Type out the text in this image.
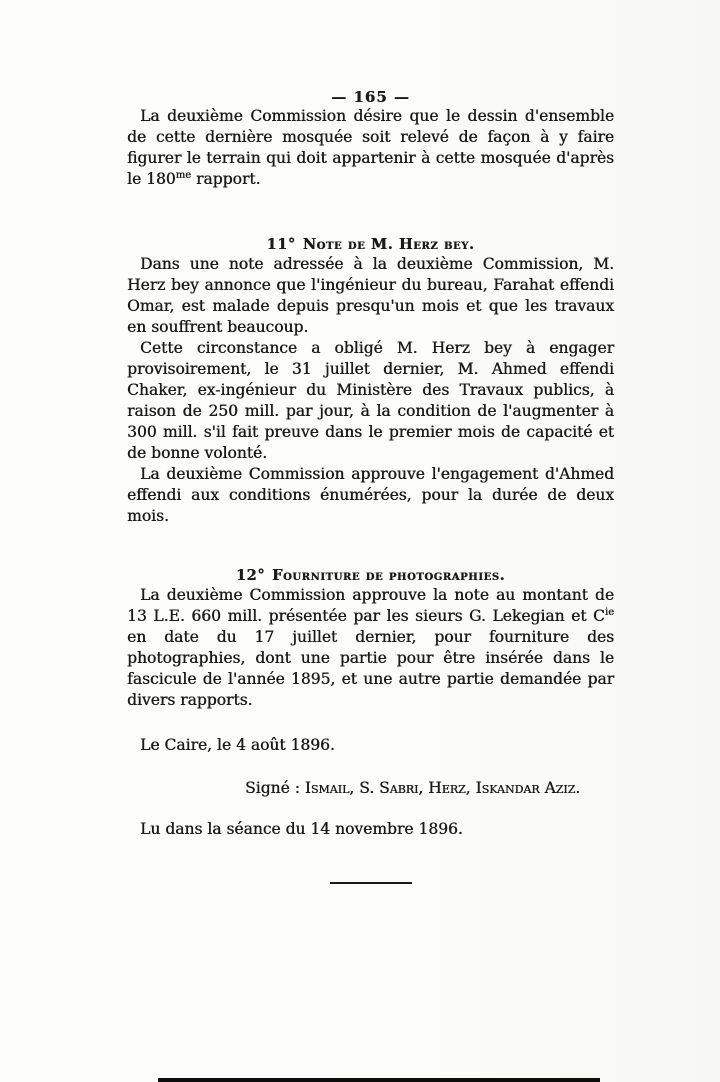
— 165 —

La deuxième Commission désire que le dessin d'ensemble de cette dernière mosquée soit relevé de façon à y faire figurer le terrain qui doit appartenir à cette mosquée d'après le $180^{me}$ rapport.

11° Note de M. Herz bey.

Dans une note adressée à la deuxième Commission, M. Herz bey annonce que l'ingénieur du bureau, Farahat effendi Omar, est malade depuis presqu'un mois et que les travaux en souffrent beaucoup.

Cette circonstance a obligé M. Herz bey à engager provisoirement, le 31 juillet dernier, M. Ahmed effendi Chaker, ex-ingénieur du Ministère des Travaux publics, à raison de 250 mill. par jour, à la condition de l'augmenter à 300 mill. s'il fait preuve dans le premier mois de capacité et de bonne volonté.

La deuxième Commission approuve l'engagement d'Ahmed effendi aux conditions énumérées, pour la durée de deux mois.

12° Fourniture de photographies.

La deuxième Commission approuve la note au montant de 13 L.E. 660 mill. présentée par les sieurs G. Lekegian et $C^{ie}$ en date du 17 juillet dernier, pour fourniture des photographies, dont une partie pour être insérée dans le fascicule de l'année 1895, et une autre partie demandée par divers rapports.

Le Caire, le 4 août 1896.

Signé : Ismail, S. Sabri, Herz, Iskandar Aziz.

Lu dans la séance du 14 novembre 1896.
